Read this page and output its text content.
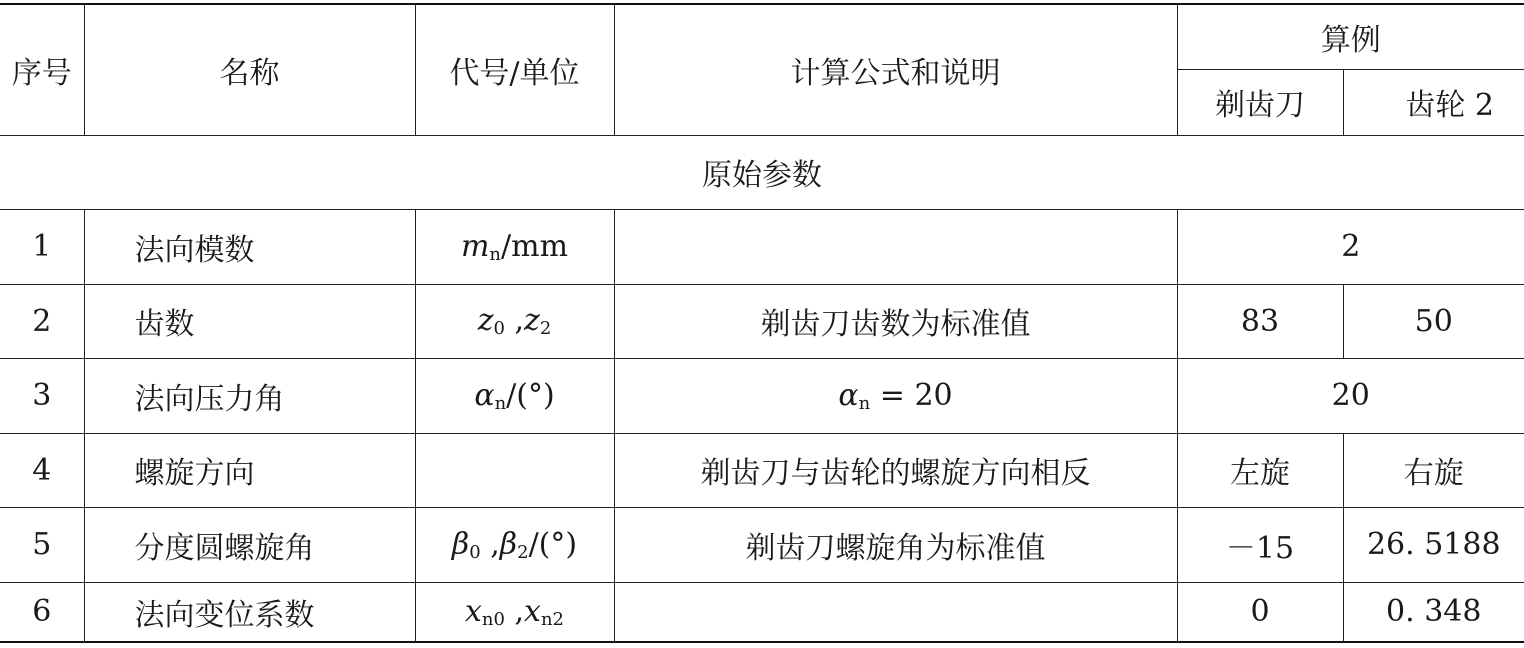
序号	名称	代号/单位	计算公式和说明	算例	
				剃齿刀	齿轮 2
原始参数					
1	法向模数	$m_n/mm$		2	
2	齿数	$z_0$ $,z_2$	剃齿刀齿数为标准值	83	50
3	法向压力角	$\alpha_n/(^\circ)$	$\alpha_n = 20$	20	
4	螺旋方向		剃齿刀与齿轮的螺旋方向相反	左旋	右旋
5	分度圆螺旋角	$\beta_0$ $,\beta_2/(^\circ)$	剃齿刀螺旋角为标准值	－15	26. 5188
6	法向变位系数	$x_{n0}$ $,x_{n2}$		0	0. 348
